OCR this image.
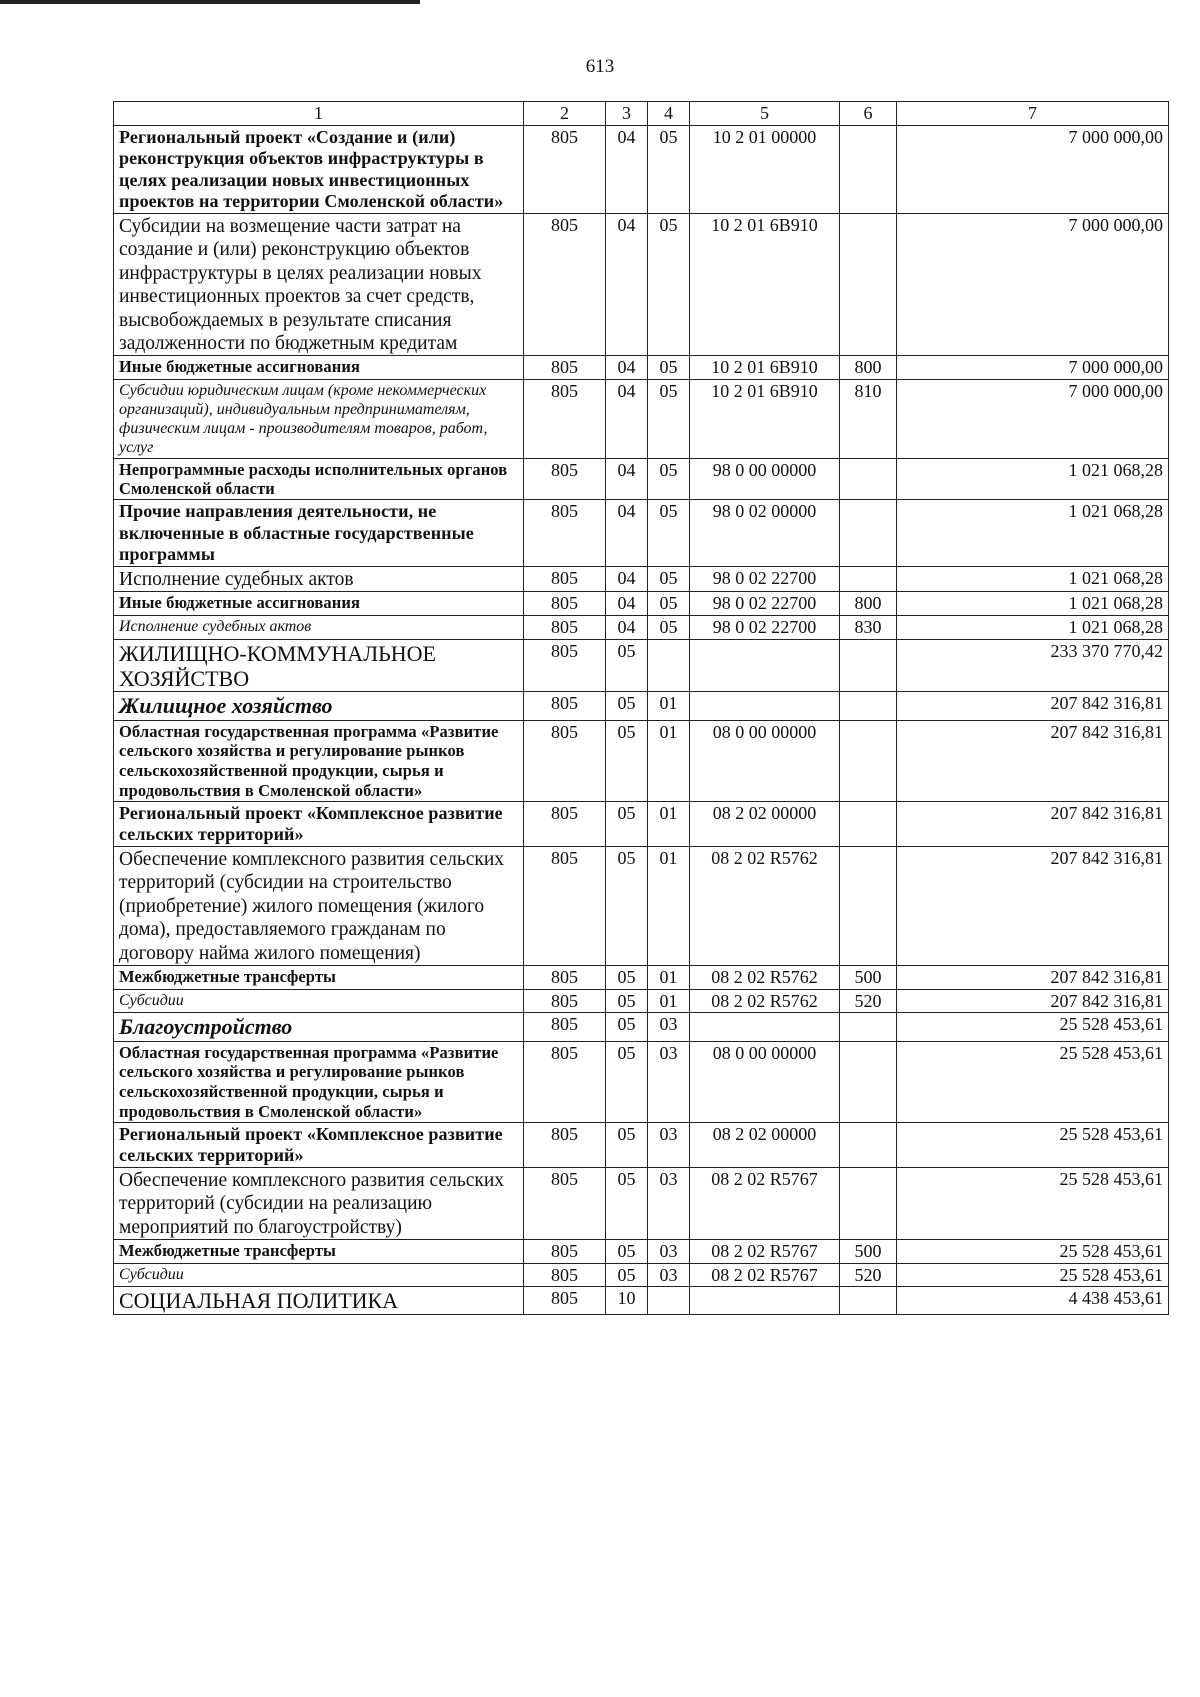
613
1	2	3	4	5	6	7
Региональный проект «Создание и (или) реконструкция объектов инфраструктуры в целях реализации новых инвестиционных проектов на территории Смоленской области»	805	04	05	10 2 01 00000		7 000 000,00
Субсидии на возмещение части затрат на создание и (или) реконструкцию объектов инфраструктуры в целях реализации новых инвестиционных проектов за счет средств, высвобождаемых в результате списания задолженности по бюджетным кредитам	805	04	05	10 2 01 6B910		7 000 000,00
Иные бюджетные ассигнования	805	04	05	10 2 01 6B910	800	7 000 000,00
Субсидии юридическим лицам (кроме некоммерческих организаций), индивидуальным предпринимателям, физическим лицам - производителям товаров, работ, услуг	805	04	05	10 2 01 6B910	810	7 000 000,00
Непрограммные расходы исполнительных органов Смоленской области	805	04	05	98 0 00 00000		1 021 068,28
Прочие направления деятельности, не включенные в областные государственные программы	805	04	05	98 0 02 00000		1 021 068,28
Исполнение судебных актов	805	04	05	98 0 02 22700		1 021 068,28
Иные бюджетные ассигнования	805	04	05	98 0 02 22700	800	1 021 068,28
Исполнение судебных актов	805	04	05	98 0 02 22700	830	1 021 068,28
ЖИЛИЩНО-КОММУНАЛЬНОЕ ХОЗЯЙСТВО	805	05				233 370 770,42
Жилищное хозяйство	805	05	01			207 842 316,81
Областная государственная программа «Развитие сельского хозяйства и регулирование рынков сельскохозяйственной продукции, сырья и продовольствия в Смоленской области»	805	05	01	08 0 00 00000		207 842 316,81
Региональный проект «Комплексное развитие сельских территорий»	805	05	01	08 2 02 00000		207 842 316,81
Обеспечение комплексного развития сельских территорий (субсидии на строительство (приобретение) жилого помещения (жилого дома), предоставляемого гражданам по договору найма жилого помещения)	805	05	01	08 2 02 R5762		207 842 316,81
Межбюджетные трансферты	805	05	01	08 2 02 R5762	500	207 842 316,81
Субсидии	805	05	01	08 2 02 R5762	520	207 842 316,81
Благоустройство	805	05	03			25 528 453,61
Областная государственная программа «Развитие сельского хозяйства и регулирование рынков сельскохозяйственной продукции, сырья и продовольствия в Смоленской области»	805	05	03	08 0 00 00000		25 528 453,61
Региональный проект «Комплексное развитие сельских территорий»	805	05	03	08 2 02 00000		25 528 453,61
Обеспечение комплексного развития сельских территорий (субсидии на реализацию мероприятий по благоустройству)	805	05	03	08 2 02 R5767		25 528 453,61
Межбюджетные трансферты	805	05	03	08 2 02 R5767	500	25 528 453,61
Субсидии	805	05	03	08 2 02 R5767	520	25 528 453,61
СОЦИАЛЬНАЯ ПОЛИТИКА	805	10				4 438 453,61
